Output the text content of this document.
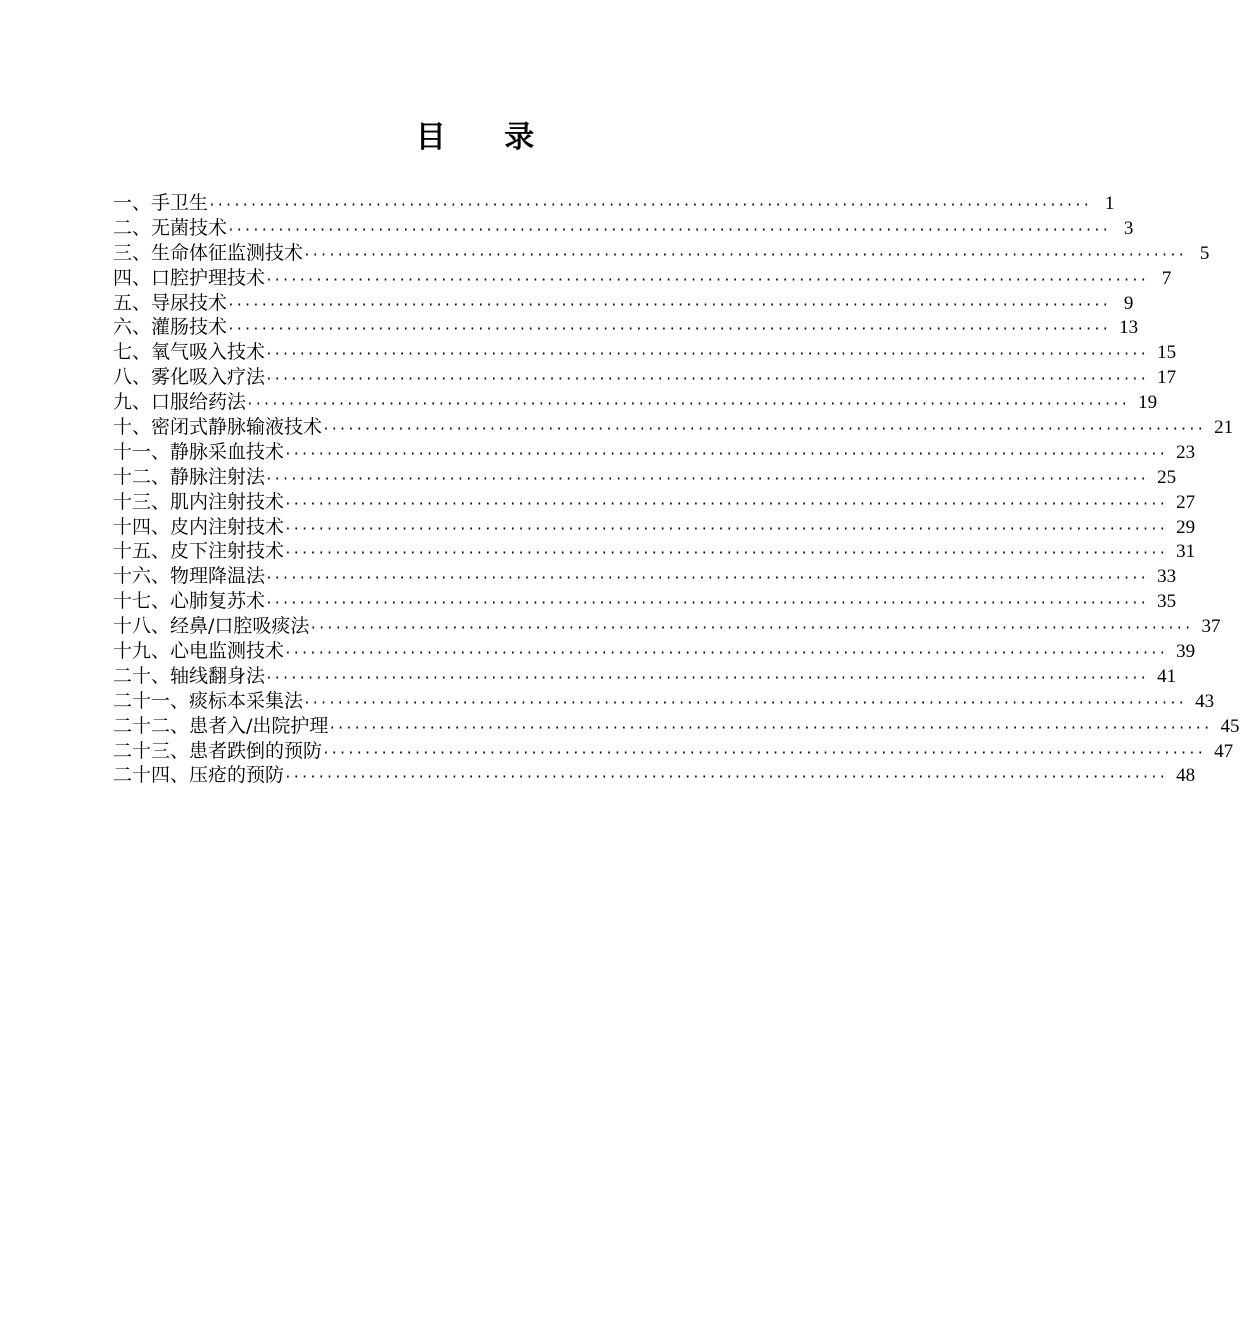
目 录
一、手卫生 ·········································································································· 1
二、无菌技术 ·········································································································· 3
三、生命体征监测技术 ·········································································································· 5
四、口腔护理技术 ·········································································································· 7
五、导尿技术 ·········································································································· 9
六、灌肠技术 ·········································································································· 13
七、氧气吸入技术 ·········································································································· 15
八、雾化吸入疗法 ·········································································································· 17
九、口服给药法 ·········································································································· 19
十、密闭式静脉输液技术 ·········································································································· 21
十一、静脉采血技术 ·········································································································· 23
十二、静脉注射法 ·········································································································· 25
十三、肌内注射技术 ·········································································································· 27
十四、皮内注射技术 ·········································································································· 29
十五、皮下注射技术 ·········································································································· 31
十六、物理降温法 ·········································································································· 33
十七、心肺复苏术 ·········································································································· 35
十八、经鼻/口腔吸痰法 ·········································································································· 37
十九、心电监测技术 ·········································································································· 39
二十、轴线翻身法 ·········································································································· 41
二十一、痰标本采集法 ·········································································································· 43
二十二、患者入/出院护理 ·········································································································· 45
二十三、患者跌倒的预防 ·········································································································· 47
二十四、压疮的预防 ·········································································································· 48
